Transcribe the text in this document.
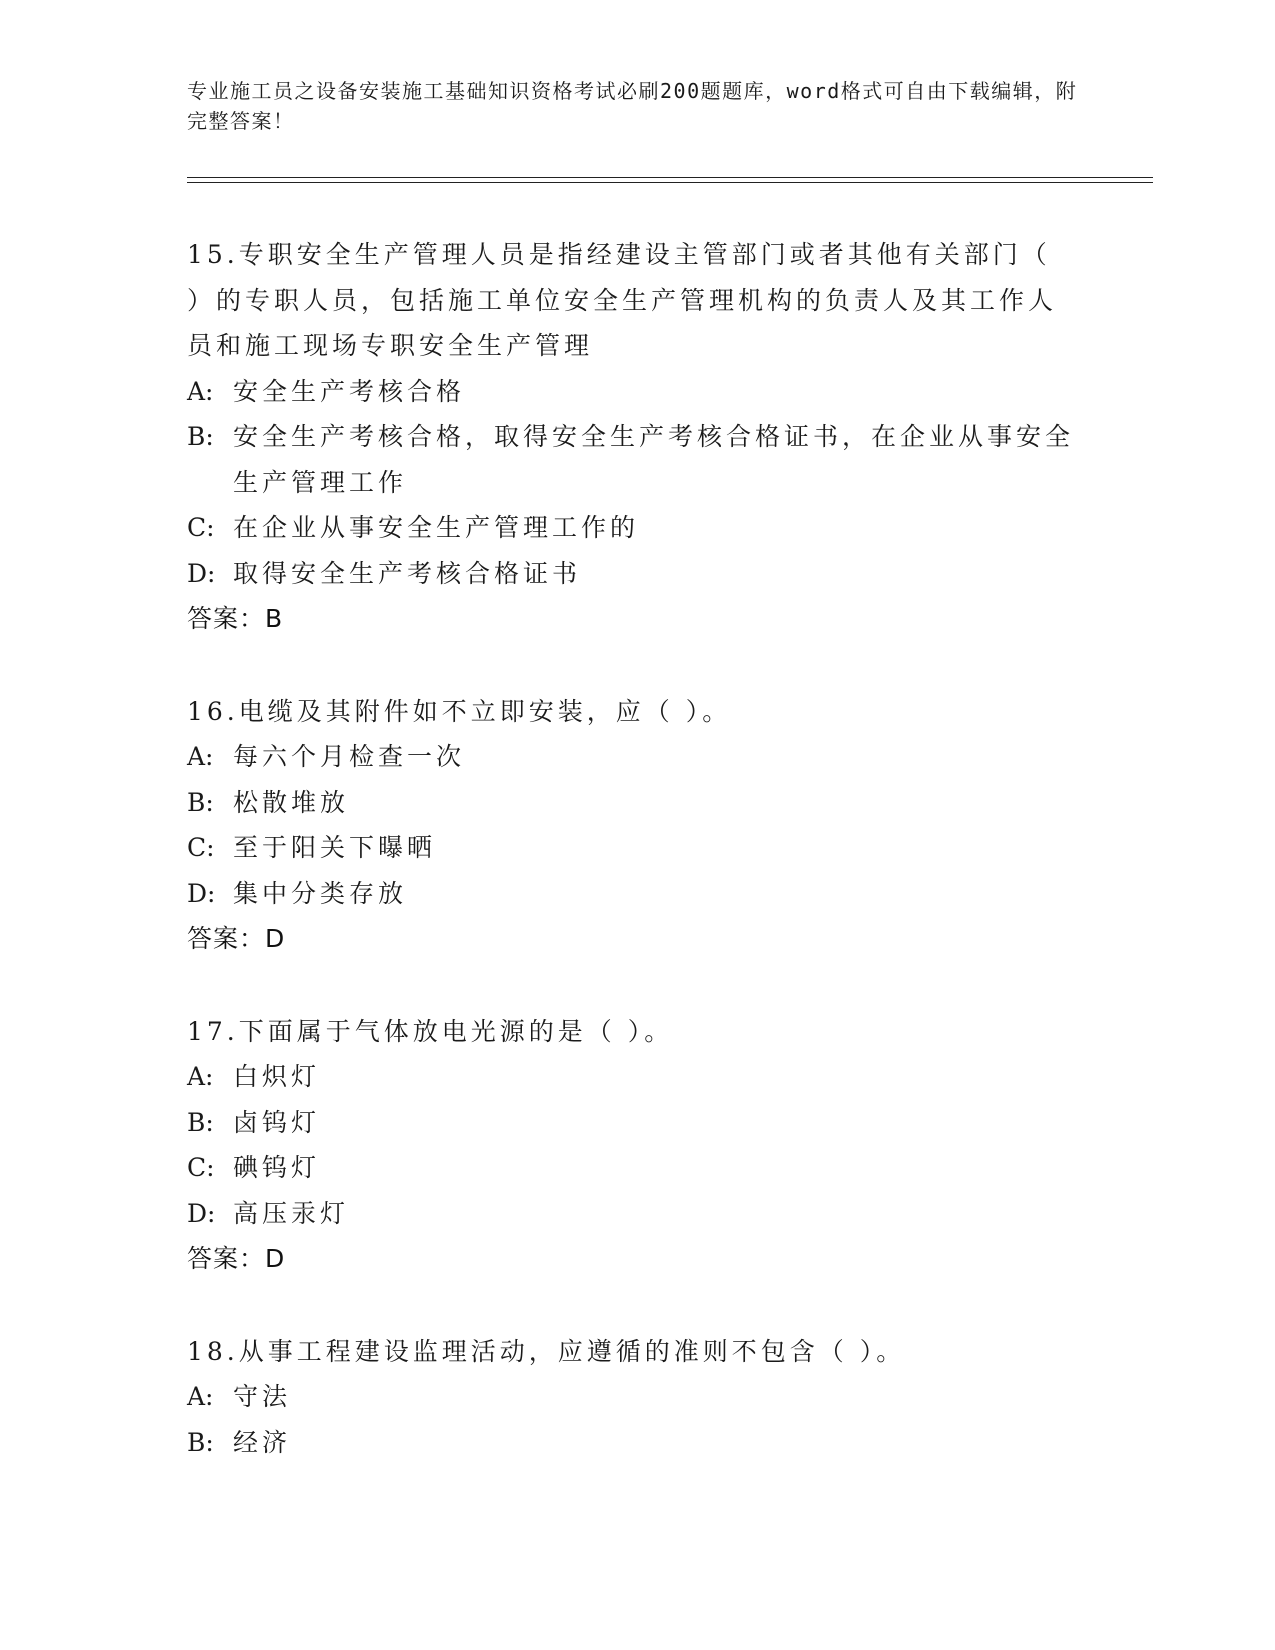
专业施工员之设备安装施工基础知识资格考试必刷200题题库，word格式可自由下载编辑，附完整答案！
15.专职安全生产管理人员是指经建设主管部门或者其他有关部门（ ）的专职人员，包括施工单位安全生产管理机构的负责人及其工作人员和施工现场专职安全生产管理
A: 安全生产考核合格
B: 安全生产考核合格，取得安全生产考核合格证书，在企业从事安全生产管理工作
C: 在企业从事安全生产管理工作的
D: 取得安全生产考核合格证书
答案：B
16.电缆及其附件如不立即安装，应（ ）。
A: 每六个月检查一次
B: 松散堆放
C: 至于阳关下曝晒
D: 集中分类存放
答案：D
17.下面属于气体放电光源的是（ ）。
A: 白炽灯
B: 卤钨灯
C: 碘钨灯
D: 高压汞灯
答案：D
18.从事工程建设监理活动，应遵循的准则不包含（ ）。
A: 守法
B: 经济
